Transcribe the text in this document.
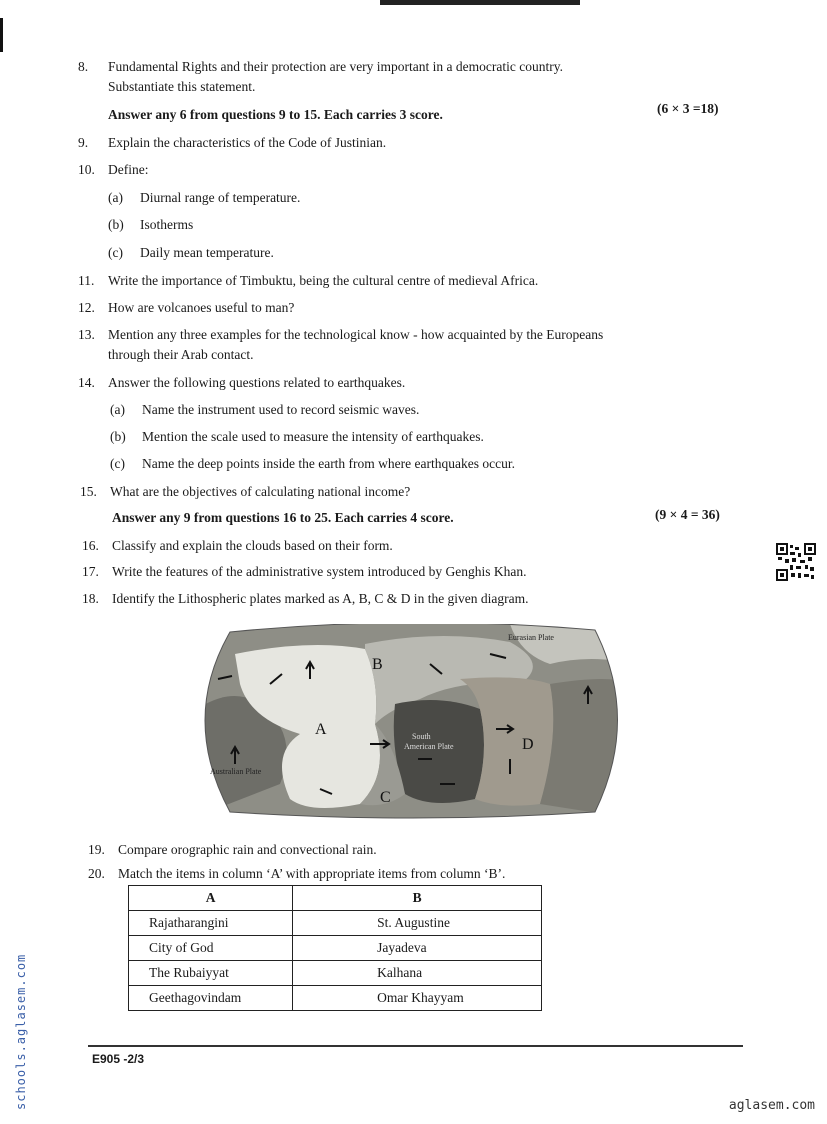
8. Fundamental Rights and their protection are very important in a democratic country.
Substantiate this statement.
Answer any 6 from questions 9 to 15. Each carries 3 score.	(6 × 3 =18)
9. Explain the characteristics of the Code of Justinian.
10. Define:
(a) Diurnal range of temperature.
(b) Isotherms
(c) Daily mean temperature.
11. Write the importance of Timbuktu, being the cultural centre of medieval Africa.
12. How are volcanoes useful to man?
13. Mention any three examples for the technological know - how acquainted by the Europeans
through their Arab contact.
14. Answer the following questions related to earthquakes.
(a) Name the instrument used to record seismic waves.
(b) Mention the scale used to measure the intensity of earthquakes.
(c) Name the deep points inside the earth from where earthquakes occur.
15. What are the objectives of calculating national income?
Answer any 9 from questions 16 to 25. Each carries 4 score.	(9 × 4 = 36)
16. Classify and explain the clouds based on their form.
17. Write the features of the administrative system introduced by Genghis Khan.
18. Identify the Lithospheric plates marked as A, B, C & D in the given diagram.
A
B
C
D
Eurasian Plate
Australian Plate
South
American Plate
19. Compare orographic rain and convectional rain.
20. Match the items in column ‘A’ with appropriate items from column ‘B’.
A	B
Rajatharangini	St. Augustine
City of God	Jayadeva
The Rubaiyyat	Kalhana
Geethagovindam	Omar Khayyam
E905 -2/3
schools.aglasem.com	aglasem.com
